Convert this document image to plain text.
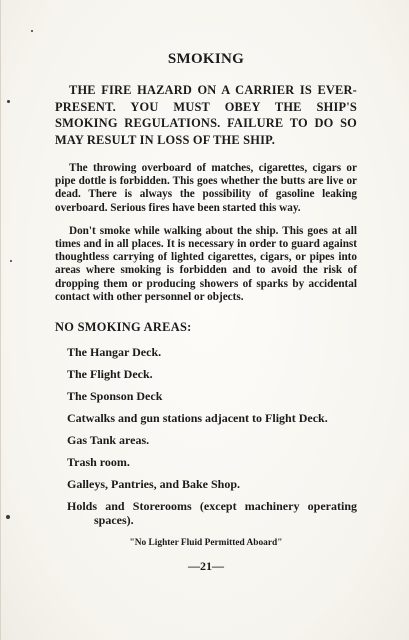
SMOKING

THE FIRE HAZARD ON A CARRIER IS EVER-PRESENT. YOU MUST OBEY THE SHIP'S SMOKING REGULATIONS. FAILURE TO DO SO MAY RESULT IN LOSS OF THE SHIP.

The throwing overboard of matches, cigarettes, cigars or pipe dottle is forbidden. This goes whether the butts are live or dead. There is always the possibility of gasoline leaking overboard. Serious fires have been started this way.

Don't smoke while walking about the ship. This goes at all times and in all places. It is necessary in order to guard against thoughtless carrying of lighted cigarettes, cigars, or pipes into areas where smoking is forbidden and to avoid the risk of dropping them or producing showers of sparks by accidental contact with other personnel or objects.

NO SMOKING AREAS:
The Hangar Deck.
The Flight Deck.
The Sponson Deck
Catwalks and gun stations adjacent to Flight Deck.
Gas Tank areas.
Trash room.
Galleys, Pantries, and Bake Shop.
Holds and Storerooms (except machinery operating spaces).

"No Lighter Fluid Permitted Aboard"

—21—
